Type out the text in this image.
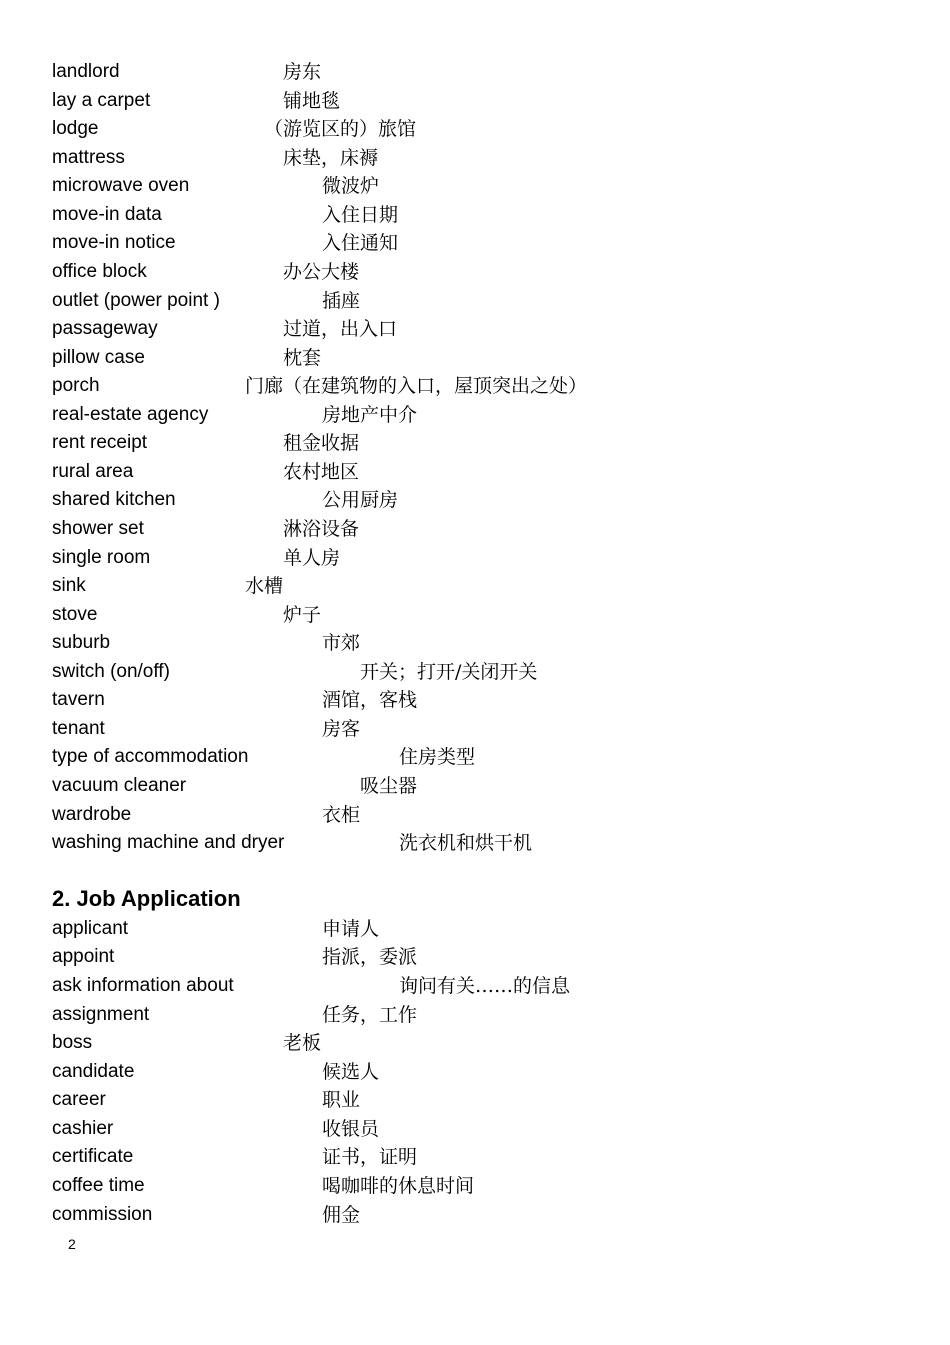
landlord	房东
lay a carpet	铺地毯
lodge	（游览区的）旅馆
mattress	床垫，床褥
microwave oven	微波炉
move-in data	入住日期
move-in notice	入住通知
office block	办公大楼
outlet (power point )	插座
passageway	过道，出入口
pillow case	枕套
porch	门廊（在建筑物的入口，屋顶突出之处）
real-estate agency	房地产中介
rent receipt	租金收据
rural area	农村地区
shared kitchen	公用厨房
shower set	淋浴设备
single room	单人房
sink	水槽
stove	炉子
suburb	市郊
switch (on/off)	开关；打开/关闭开关
tavern	酒馆，客栈
tenant	房客
type of accommodation	住房类型
vacuum cleaner	吸尘器
wardrobe	衣柜
washing machine and dryer	洗衣机和烘干机
2. Job Application
applicant	申请人
appoint	指派，委派
ask information about	询问有关……的信息
assignment	任务，工作
boss	老板
candidate	候选人
career	职业
cashier	收银员
certificate	证书，证明
coffee time	喝咖啡的休息时间
commission	佣金
2
